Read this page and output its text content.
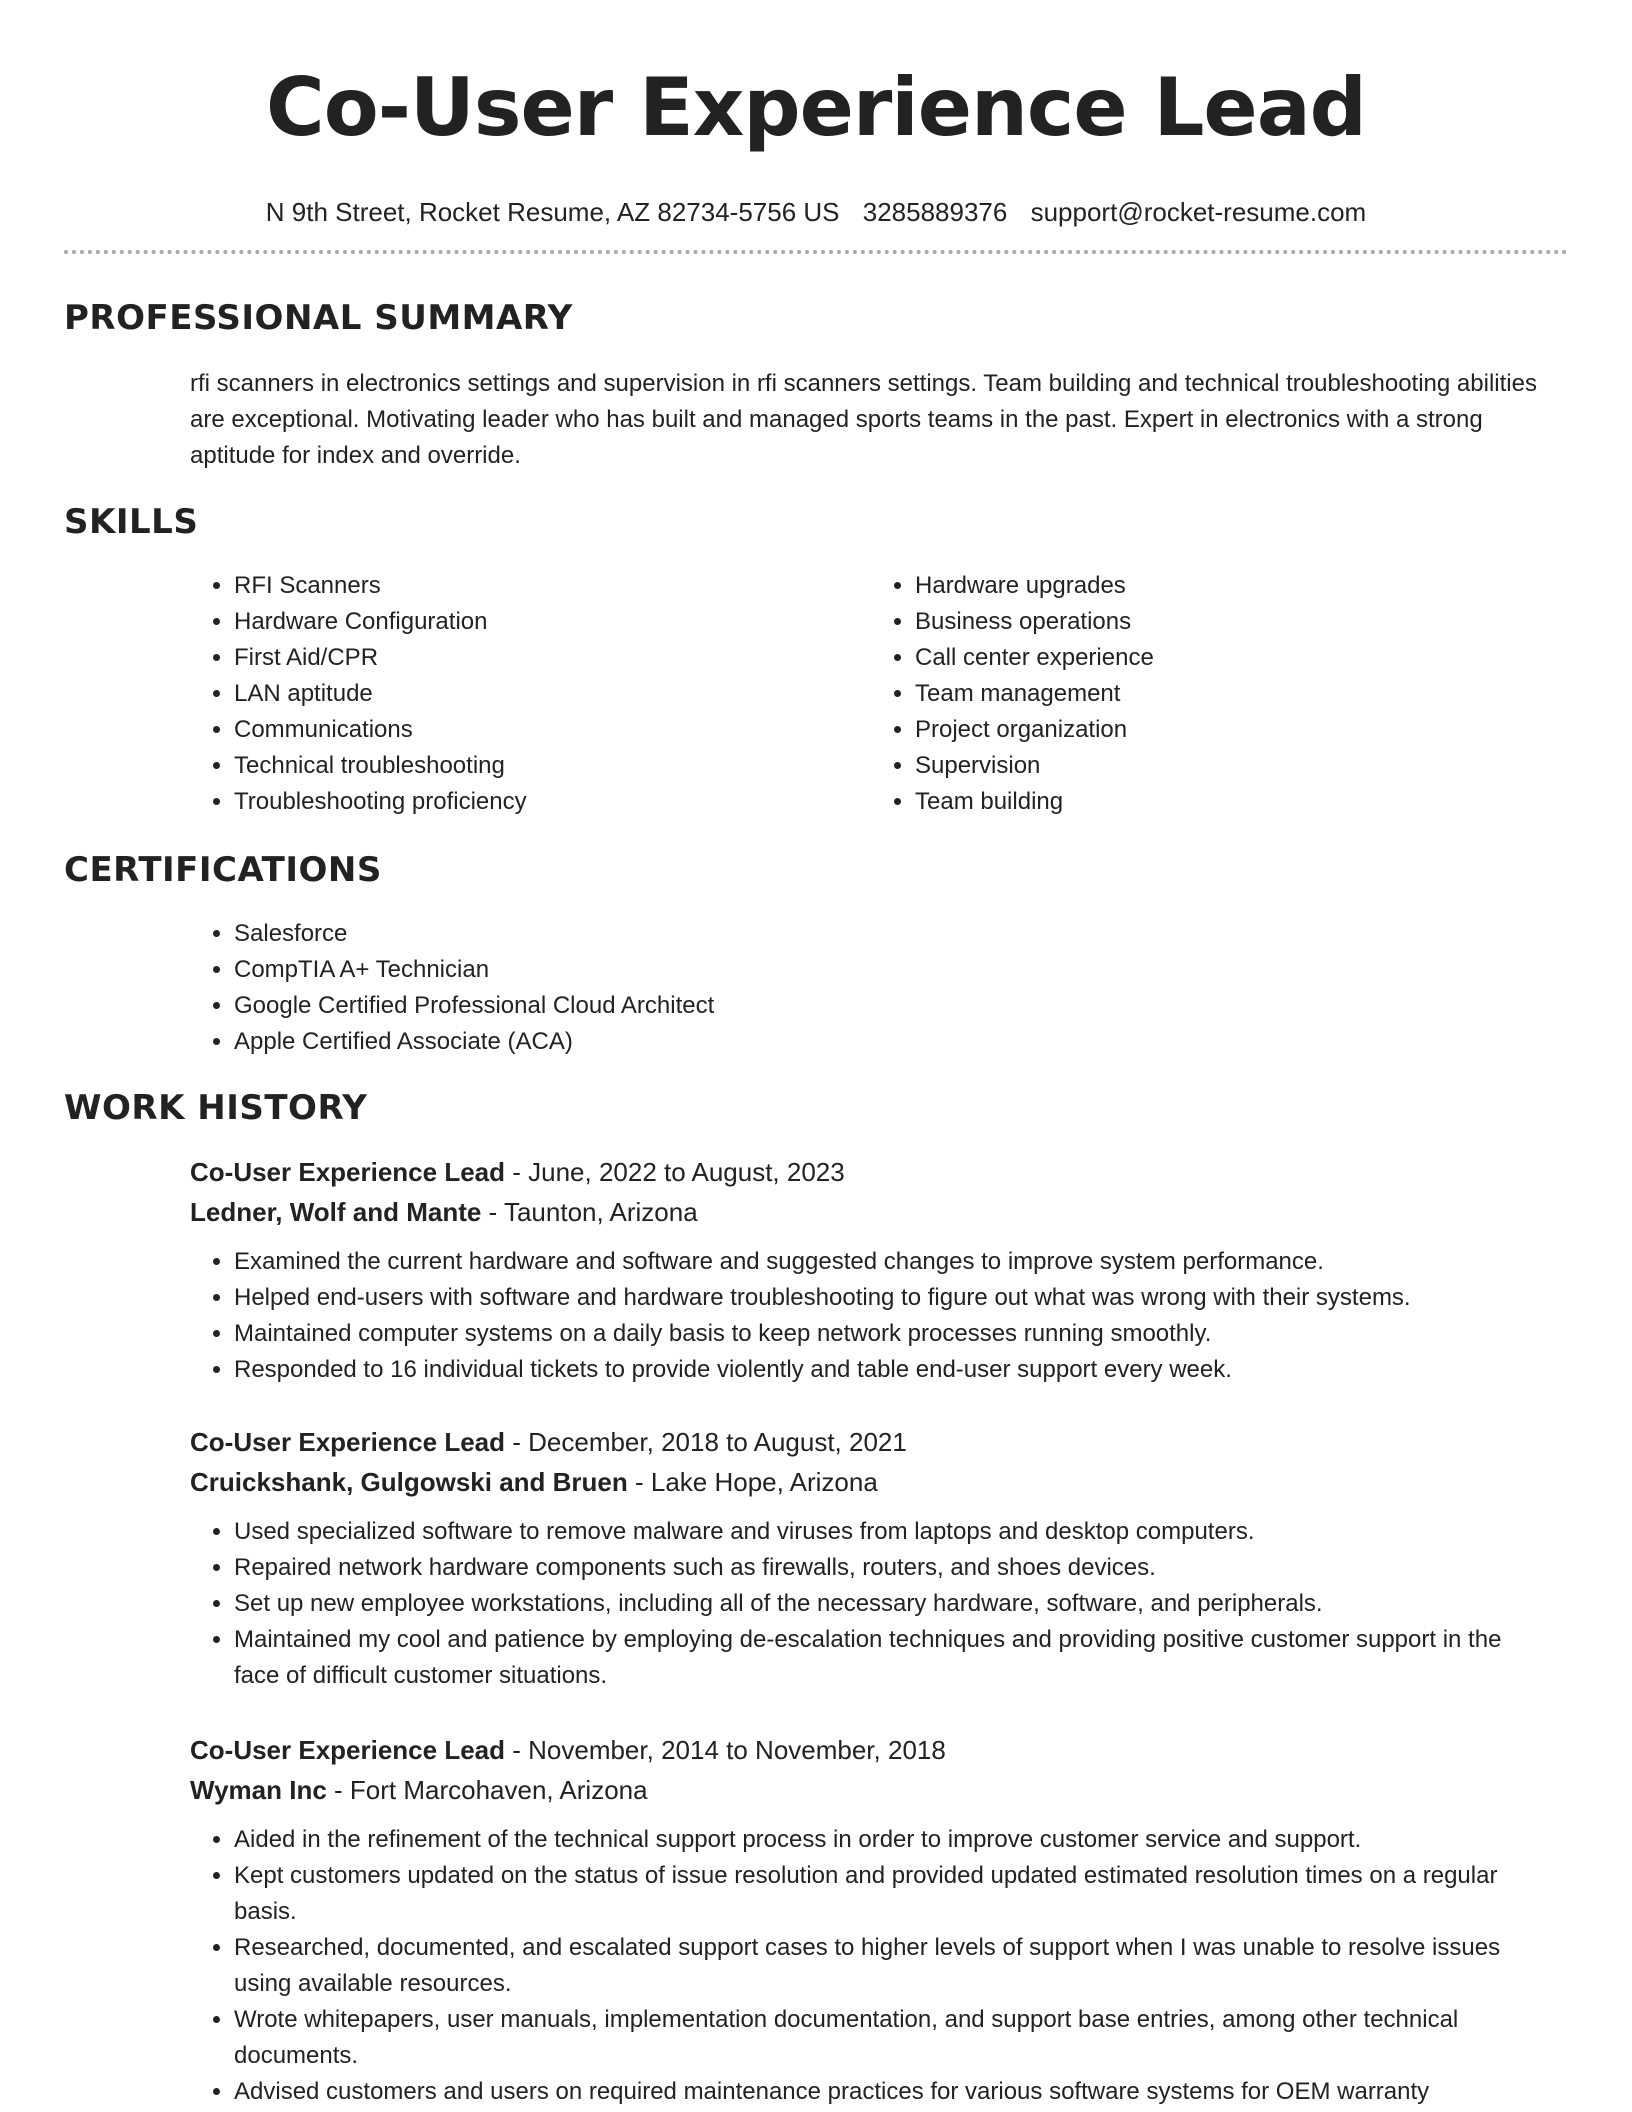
Co-User Experience Lead
N 9th Street, Rocket Resume, AZ 82734-5756 US 3285889376 support@rocket-resume.com
PROFESSIONAL SUMMARY
rfi scanners in electronics settings and supervision in rfi scanners settings. Team building and technical troubleshooting abilities are exceptional. Motivating leader who has built and managed sports teams in the past. Expert in electronics with a strong aptitude for index and override.
SKILLS
• RFI Scanners
• Hardware Configuration
• First Aid/CPR
• LAN aptitude
• Communications
• Technical troubleshooting
• Troubleshooting proficiency
• Hardware upgrades
• Business operations
• Call center experience
• Team management
• Project organization
• Supervision
• Team building
CERTIFICATIONS
• Salesforce
• CompTIA A+ Technician
• Google Certified Professional Cloud Architect
• Apple Certified Associate (ACA)
WORK HISTORY
Co-User Experience Lead - June, 2022 to August, 2023
Ledner, Wolf and Mante - Taunton, Arizona
• Examined the current hardware and software and suggested changes to improve system performance.
• Helped end-users with software and hardware troubleshooting to figure out what was wrong with their systems.
• Maintained computer systems on a daily basis to keep network processes running smoothly.
• Responded to 16 individual tickets to provide violently and table end-user support every week.
Co-User Experience Lead - December, 2018 to August, 2021
Cruickshank, Gulgowski and Bruen - Lake Hope, Arizona
• Used specialized software to remove malware and viruses from laptops and desktop computers.
• Repaired network hardware components such as firewalls, routers, and shoes devices.
• Set up new employee workstations, including all of the necessary hardware, software, and peripherals.
• Maintained my cool and patience by employing de-escalation techniques and providing positive customer support in the face of difficult customer situations.
Co-User Experience Lead - November, 2014 to November, 2018
Wyman Inc - Fort Marcohaven, Arizona
• Aided in the refinement of the technical support process in order to improve customer service and support.
• Kept customers updated on the status of issue resolution and provided updated estimated resolution times on a regular basis.
• Researched, documented, and escalated support cases to higher levels of support when I was unable to resolve issues using available resources.
• Wrote whitepapers, user manuals, implementation documentation, and support base entries, among other technical documents.
• Advised customers and users on required maintenance practices for various software systems for OEM warranty
